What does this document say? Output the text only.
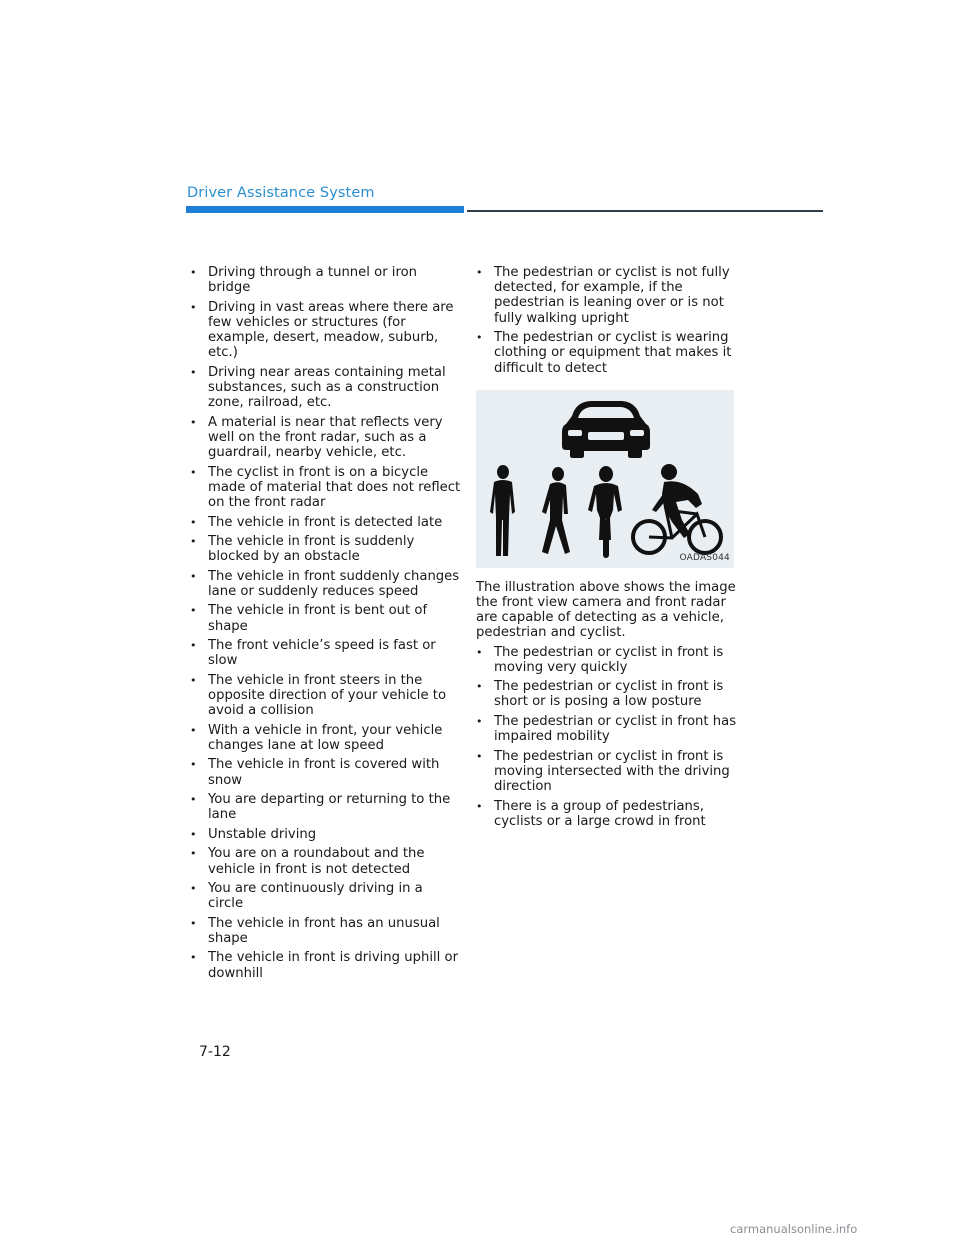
Driver Assistance System
• Driving through a tunnel or iron bridge
• Driving in vast areas where there are few vehicles or structures (for example, desert, meadow, suburb, etc.)
• Driving near areas containing metal substances, such as a construction zone, railroad, etc.
• A material is near that reflects very well on the front radar, such as a guardrail, nearby vehicle, etc.
• The cyclist in front is on a bicycle made of material that does not reflect on the front radar
• The vehicle in front is detected late
• The vehicle in front is suddenly blocked by an obstacle
• The vehicle in front suddenly changes lane or suddenly reduces speed
• The vehicle in front is bent out of shape
• The front vehicle’s speed is fast or slow
• The vehicle in front steers in the opposite direction of your vehicle to avoid a collision
• With a vehicle in front, your vehicle changes lane at low speed
• The vehicle in front is covered with snow
• You are departing or returning to the lane
• Unstable driving
• You are on a roundabout and the vehicle in front is not detected
• You are continuously driving in a circle
• The vehicle in front has an unusual shape
• The vehicle in front is driving uphill or downhill
• The pedestrian or cyclist is not fully detected, for example, if the pedestrian is leaning over or is not fully walking upright
• The pedestrian or cyclist is wearing clothing or equipment that makes it difficult to detect
OADAS044

The illustration above shows the image the front view camera and front radar are capable of detecting as a vehicle, pedestrian and cyclist.

• The pedestrian or cyclist in front is moving very quickly
• The pedestrian or cyclist in front is short or is posing a low posture
• The pedestrian or cyclist in front has impaired mobility
• The pedestrian or cyclist in front is moving intersected with the driving direction
• There is a group of pedestrians, cyclists or a large crowd in front
7-12
carmanualsonline.info
